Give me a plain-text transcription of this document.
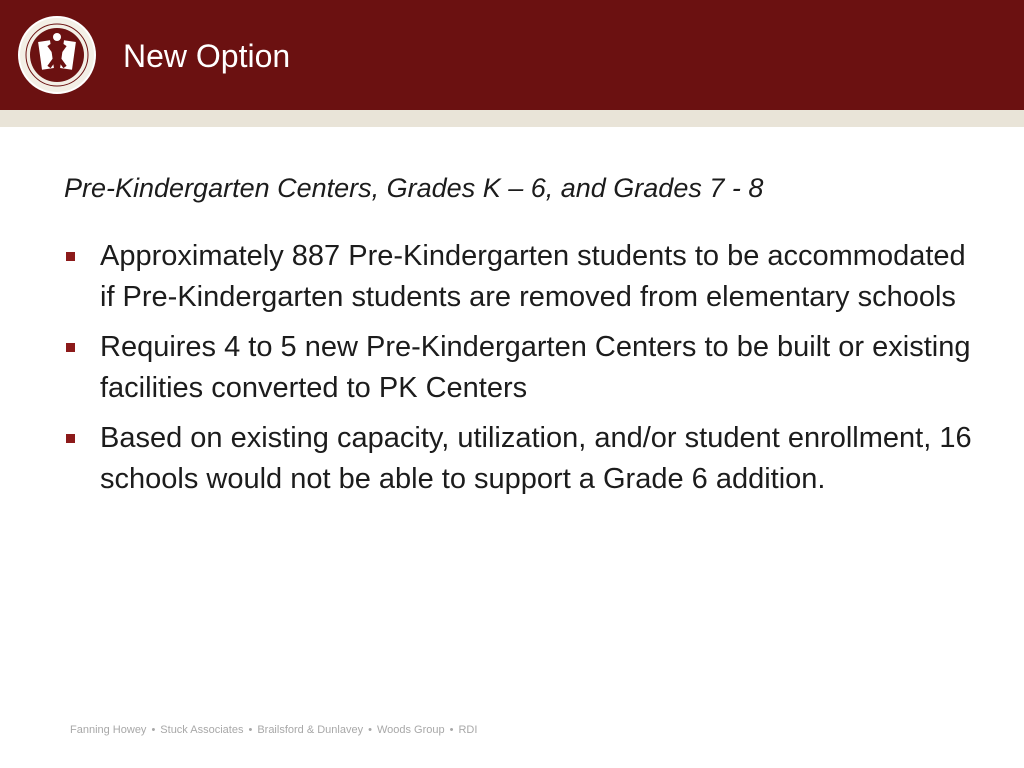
New Option
Pre-Kindergarten Centers, Grades K – 6, and Grades 7 - 8
Approximately 887 Pre-Kindergarten students to be accommodated if Pre-Kindergarten students are removed from elementary schools
Requires 4 to 5 new Pre-Kindergarten Centers to be built or existing facilities converted to PK Centers
Based on existing capacity, utilization, and/or student enrollment, 16 schools would not be able to support a Grade 6 addition.
Fanning Howey • Stuck Associates • Brailsford & Dunlavey • Woods Group • RDI
